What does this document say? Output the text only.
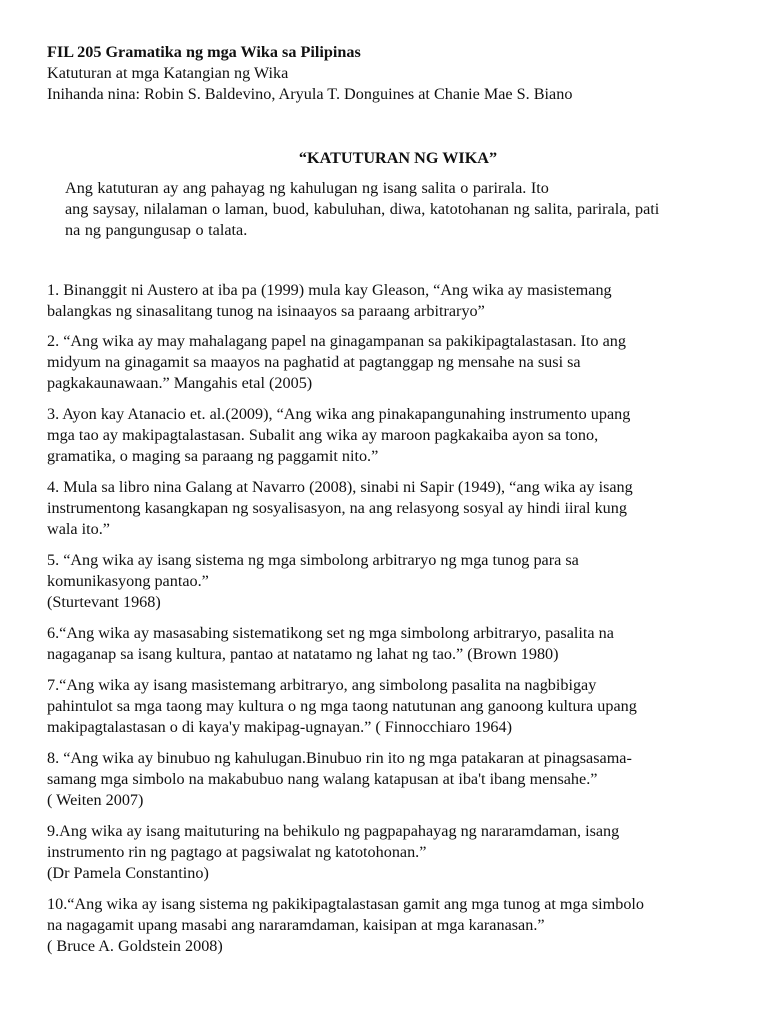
FIL 205 Gramatika ng mga Wika sa Pilipinas

Katuturan at mga Katangian ng Wika

Inihanda nina: Robin S. Baldevino, Aryula T. Donguines at Chanie Mae S. Biano

“KATUTURAN NG WIKA”

Ang katuturan ay ang pahayag ng kahulugan ng isang salita o parirala. Ito
ang saysay, nilalaman o laman, buod, kabuluhan, diwa, katotohanan ng salita, parirala, pati
na ng pangungusap o talata.

1. Binanggit ni Austero at iba pa (1999) mula kay Gleason, “Ang wika ay masistemang
balangkas ng sinasalitang tunog na isinaayos sa paraang arbitraryo”
2. “Ang wika ay may mahalagang papel na ginagampanan sa pakikipagtalastasan. Ito ang
midyum na ginagamit sa maayos na paghatid at pagtanggap ng mensahe na susi sa
pagkakaunawaan.” Mangahis etal (2005)
3. Ayon kay Atanacio et. al.(2009), “Ang wika ang pinakapangunahing instrumento upang
mga tao ay makipagtalastasan. Subalit ang wika ay maroon pagkakaiba ayon sa tono,
gramatika, o maging sa paraang ng paggamit nito.”
4. Mula sa libro nina Galang at Navarro (2008), sinabi ni Sapir (1949), “ang wika ay isang
instrumentong kasangkapan ng sosyalisasyon, na ang relasyong sosyal ay hindi iiral kung
wala ito.”
5. “Ang wika ay isang sistema ng mga simbolong arbitraryo ng mga tunog para sa
komunikasyong pantao.”
(Sturtevant 1968)
6.“Ang wika ay masasabing sistematikong set ng mga simbolong arbitraryo, pasalita na
nagaganap sa isang kultura, pantao at natatamo ng lahat ng tao.” (Brown 1980)
7.“Ang wika ay isang masistemang arbitraryo, ang simbolong pasalita na nagbibigay
pahintulot sa mga taong may kultura o ng mga taong natutunan ang ganoong kultura upang
makipagtalastasan o di kaya'y makipag-ugnayan.” ( Finnocchiaro 1964)
8. “Ang wika ay binubuo ng kahulugan.Binubuo rin ito ng mga patakaran at pinagsasama-
samang mga simbolo na makabubuo nang walang katapusan at iba't ibang mensahe.”
( Weiten 2007)
9.Ang wika ay isang maituturing na behikulo ng pagpapahayag ng nararamdaman, isang
instrumento rin ng pagtago at pagsiwalat ng katotohonan.”
(Dr Pamela Constantino)
10.“Ang wika ay isang sistema ng pakikipagtalastasan gamit ang mga tunog at mga simbolo
na nagagamit upang masabi ang nararamdaman, kaisipan at mga karanasan.”
( Bruce A. Goldstein 2008)
